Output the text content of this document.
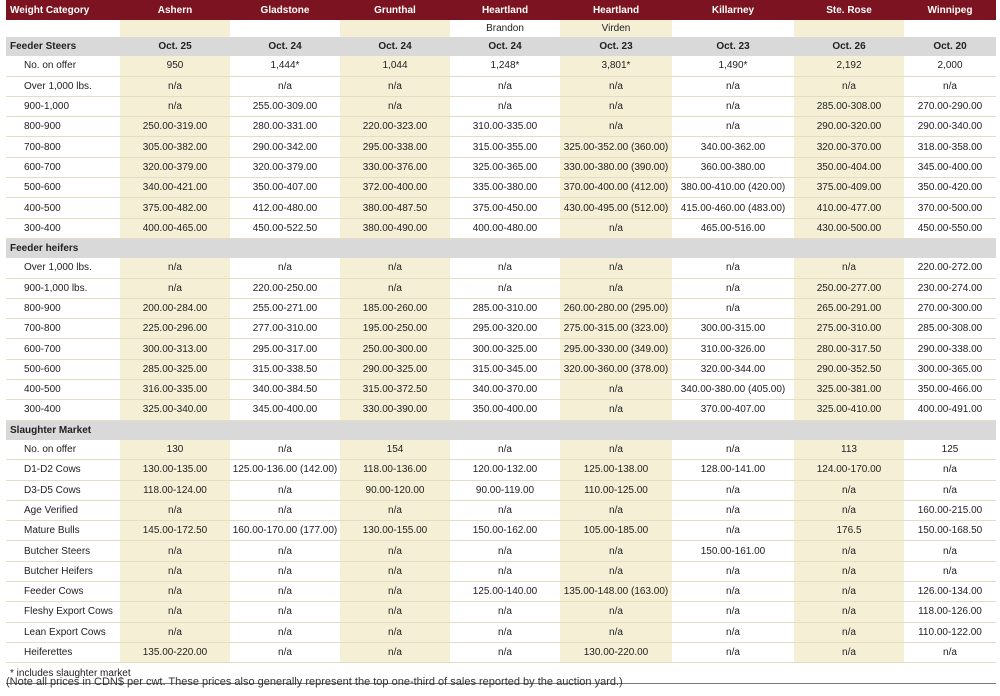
Weight Category	Ashern	Gladstone	Grunthal	Heartland	Heartland	Killarney	Ste. Rose	Winnipeg
				Brandon	Virden			
Feeder Steers	Oct. 25	Oct. 24	Oct. 24	Oct. 24	Oct. 23	Oct. 23	Oct. 26	Oct. 20
No. on offer	950	1,444*	1,044	1,248*	3,801*	1,490*	2,192	2,000
Over 1,000 lbs.	n/a	n/a	n/a	n/a	n/a	n/a	n/a	n/a
900-1,000	n/a	255.00-309.00	n/a	n/a	n/a	n/a	285.00-308.00	270.00-290.00
800-900	250.00-319.00	280.00-331.00	220.00-323.00	310.00-335.00	n/a	n/a	290.00-320.00	290.00-340.00
700-800	305.00-382.00	290.00-342.00	295.00-338.00	315.00-355.00	325.00-352.00 (360.00)	340.00-362.00	320.00-370.00	318.00-358.00
600-700	320.00-379.00	320.00-379.00	330.00-376.00	325.00-365.00	330.00-380.00 (390.00)	360.00-380.00	350.00-404.00	345.00-400.00
500-600	340.00-421.00	350.00-407.00	372.00-400.00	335.00-380.00	370.00-400.00 (412.00)	380.00-410.00 (420.00)	375.00-409.00	350.00-420.00
400-500	375.00-482.00	412.00-480.00	380.00-487.50	375.00-450.00	430.00-495.00 (512.00)	415.00-460.00 (483.00)	410.00-477.00	370.00-500.00
300-400	400.00-465.00	450.00-522.50	380.00-490.00	400.00-480.00	n/a	465.00-516.00	430.00-500.00	450.00-550.00
Feeder heifers								
Over 1,000 lbs.	n/a	n/a	n/a	n/a	n/a	n/a	n/a	220.00-272.00
900-1,000 lbs.	n/a	220.00-250.00	n/a	n/a	n/a	n/a	250.00-277.00	230.00-274.00
800-900	200.00-284.00	255.00-271.00	185.00-260.00	285.00-310.00	260.00-280.00 (295.00)	n/a	265.00-291.00	270.00-300.00
700-800	225.00-296.00	277.00-310.00	195.00-250.00	295.00-320.00	275.00-315.00 (323.00)	300.00-315.00	275.00-310.00	285.00-308.00
600-700	300.00-313.00	295.00-317.00	250.00-300.00	300.00-325.00	295.00-330.00 (349.00)	310.00-326.00	280.00-317.50	290.00-338.00
500-600	285.00-325.00	315.00-338.50	290.00-325.00	315.00-345.00	320.00-360.00 (378.00)	320.00-344.00	290.00-352.50	300.00-365.00
400-500	316.00-335.00	340.00-384.50	315.00-372.50	340.00-370.00	n/a	340.00-380.00 (405.00)	325.00-381.00	350.00-466.00
300-400	325.00-340.00	345.00-400.00	330.00-390.00	350.00-400.00	n/a	370.00-407.00	325.00-410.00	400.00-491.00
Slaughter Market								
No. on offer	130	n/a	154	n/a	n/a	n/a	113	125
D1-D2 Cows	130.00-135.00	125.00-136.00 (142.00)	118.00-136.00	120.00-132.00	125.00-138.00	128.00-141.00	124.00-170.00	n/a
D3-D5 Cows	118.00-124.00	n/a	90.00-120.00	90.00-119.00	110.00-125.00	n/a	n/a	n/a
Age Verified	n/a	n/a	n/a	n/a	n/a	n/a	n/a	160.00-215.00
Mature Bulls	145.00-172.50	160.00-170.00 (177.00)	130.00-155.00	150.00-162.00	105.00-185.00	n/a	176.5	150.00-168.50
Butcher Steers	n/a	n/a	n/a	n/a	n/a	150.00-161.00	n/a	n/a
Butcher Heifers	n/a	n/a	n/a	n/a	n/a	n/a	n/a	n/a
Feeder Cows	n/a	n/a	n/a	125.00-140.00	135.00-148.00 (163.00)	n/a	n/a	126.00-134.00
Fleshy Export Cows	n/a	n/a	n/a	n/a	n/a	n/a	n/a	118.00-126.00
Lean Export Cows	n/a	n/a	n/a	n/a	n/a	n/a	n/a	110.00-122.00
Heiferettes	135.00-220.00	n/a	n/a	n/a	130.00-220.00	n/a	n/a	n/a
* includes slaughter market								
(Note all prices in CDN$ per cwt. These prices also generally represent the top one-third of sales reported by the auction yard.)
